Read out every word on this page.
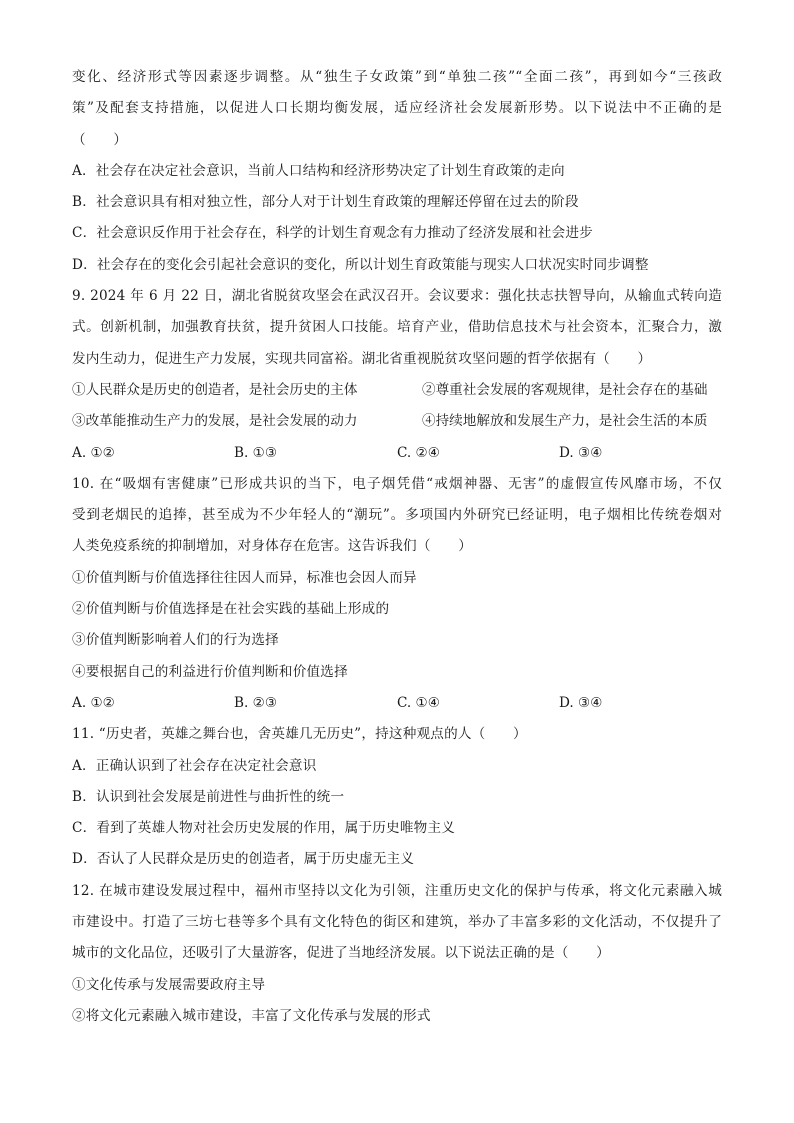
变化、经济形式等因素逐步调整。从“独生子女政策”到“单独二孩”“全面二孩”，再到如今“三孩政
策”及配套支持措施，以促进人口长期均衡发展，适应经济社会发展新形势。以下说法中不正确的是
（　　）
A．社会存在决定社会意识，当前人口结构和经济形势决定了计划生育政策的走向
B．社会意识具有相对独立性，部分人对于计划生育政策的理解还停留在过去的阶段
C．社会意识反作用于社会存在，科学的计划生育观念有力推动了经济发展和社会进步
D．社会存在的变化会引起社会意识的变化，所以计划生育政策能与现实人口状况实时同步调整
9. 2024 年 6 月 22 日，湖北省脱贫攻坚会在武汉召开。会议要求：强化扶志扶智导向，从输血式转向造
式。创新机制，加强教育扶贫，提升贫困人口技能。培育产业，借助信息技术与社会资本，汇聚合力，激
发内生动力，促进生产力发展，实现共同富裕。湖北省重视脱贫攻坚问题的哲学依据有（　　）
①人民群众是历史的创造者，是社会历史的主体	②尊重社会发展的客观规律，是社会存在的基础
③改革能推动生产力的发展，是社会发展的动力	④持续地解放和发展生产力，是社会生活的本质
A. ①②	B. ①③	C. ②④	D. ③④
10. 在“吸烟有害健康”已形成共识的当下，电子烟凭借“戒烟神器、无害”的虚假宣传风靡市场，不仅
受到老烟民的追捧，甚至成为不少年轻人的“潮玩”。多项国内外研究已经证明，电子烟相比传统卷烟对
人类免疫系统的抑制增加，对身体存在危害。这告诉我们（　　）
①价值判断与价值选择往往因人而异，标准也会因人而异
②价值判断与价值选择是在社会实践的基础上形成的
③价值判断影响着人们的行为选择
④要根据自己的利益进行价值判断和价值选择
A. ①②	B. ②③	C. ①④	D. ③④
11. “历史者，英雄之舞台也，舍英雄几无历史”，持这种观点的人（　　）
A．正确认识到了社会存在决定社会意识
B．认识到社会发展是前进性与曲折性的统一
C．看到了英雄人物对社会历史发展的作用，属于历史唯物主义
D．否认了人民群众是历史的创造者，属于历史虚无主义
12. 在城市建设发展过程中，福州市坚持以文化为引领，注重历史文化的保护与传承，将文化元素融入城
市建设中。打造了三坊七巷等多个具有文化特色的街区和建筑，举办了丰富多彩的文化活动，不仅提升了
城市的文化品位，还吸引了大量游客，促进了当地经济发展。以下说法正确的是（　　）
①文化传承与发展需要政府主导
②将文化元素融入城市建设，丰富了文化传承与发展的形式
